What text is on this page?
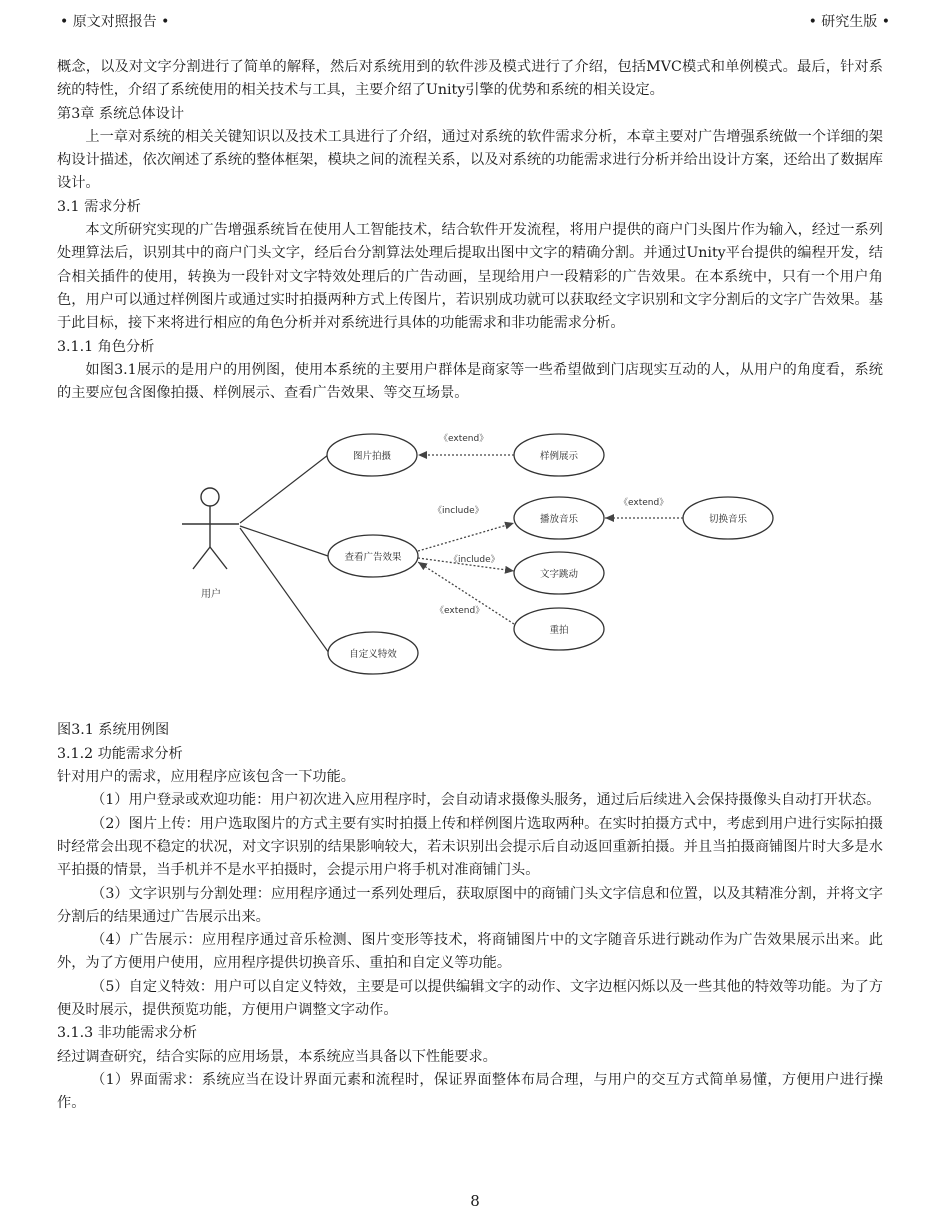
• 原文对照报告 •	• 研究生版 •

概念，以及对文字分割进行了简单的解释，然后对系统用到的软件涉及模式进行了介绍，包括MVC模式和单例模式。最后，针对系统的特性，介绍了系统使用的相关技术与工具，主要介绍了Unity引擎的优势和系统的相关设定。

第3章 系统总体设计

上一章对系统的相关关键知识以及技术工具进行了介绍，通过对系统的软件需求分析，本章主要对广告增强系统做一个详细的架构设计描述，依次阐述了系统的整体框架，模块之间的流程关系，以及对系统的功能需求进行分析并给出设计方案，还给出了数据库设计。

3.1 需求分析

本文所研究实现的广告增强系统旨在使用人工智能技术，结合软件开发流程，将用户提供的商户门头图片作为输入，经过一系列处理算法后，识别其中的商户门头文字，经后台分割算法处理后提取出图中文字的精确分割。并通过Unity平台提供的编程开发，结合相关插件的使用，转换为一段针对文字特效处理后的广告动画，呈现给用户一段精彩的广告效果。在本系统中，只有一个用户角色，用户可以通过样例图片或通过实时拍摄两种方式上传图片，若识别成功就可以获取经文字识别和文字分割后的文字广告效果。基于此目标，接下来将进行相应的角色分析并对系统进行具体的功能需求和非功能需求分析。

3.1.1 角色分析

如图3.1展示的是用户的用例图，使用本系统的主要用户群体是商家等一些希望做到门店现实互动的人，从用户的角度看，系统的主要应包含图像拍摄、样例展示、查看广告效果、等交互场景。

用户
图片拍摄	样例展示
查看广告效果
播放音乐	切换音乐
文字跳动
重拍
自定义特效
《extend》
《include》
《include》
《extend》
《extend》

图3.1 系统用例图

3.1.2 功能需求分析

针对用户的需求，应用程序应该包含一下功能。

（1）用户登录或欢迎功能：用户初次进入应用程序时，会自动请求摄像头服务，通过后后续进入会保持摄像头自动打开状态。

（2）图片上传：用户选取图片的方式主要有实时拍摄上传和样例图片选取两种。在实时拍摄方式中，考虑到用户进行实际拍摄时经常会出现不稳定的状况，对文字识别的结果影响较大，若未识别出会提示后自动返回重新拍摄。并且当拍摄商铺图片时大多是水平拍摄的情景，当手机并不是水平拍摄时，会提示用户将手机对准商铺门头。

（3）文字识别与分割处理：应用程序通过一系列处理后，获取原图中的商铺门头文字信息和位置，以及其精准分割，并将文字分割后的结果通过广告展示出来。

（4）广告展示：应用程序通过音乐检测、图片变形等技术，将商铺图片中的文字随音乐进行跳动作为广告效果展示出来。此外，为了方便用户使用，应用程序提供切换音乐、重拍和自定义等功能。

（5）自定义特效：用户可以自定义特效，主要是可以提供编辑文字的动作、文字边框闪烁以及一些其他的特效等功能。为了方便及时展示，提供预览功能，方便用户调整文字动作。

3.1.3 非功能需求分析

经过调查研究，结合实际的应用场景，本系统应当具备以下性能要求。

（1）界面需求：系统应当在设计界面元素和流程时，保证界面整体布局合理，与用户的交互方式简单易懂，方便用户进行操作。

8
